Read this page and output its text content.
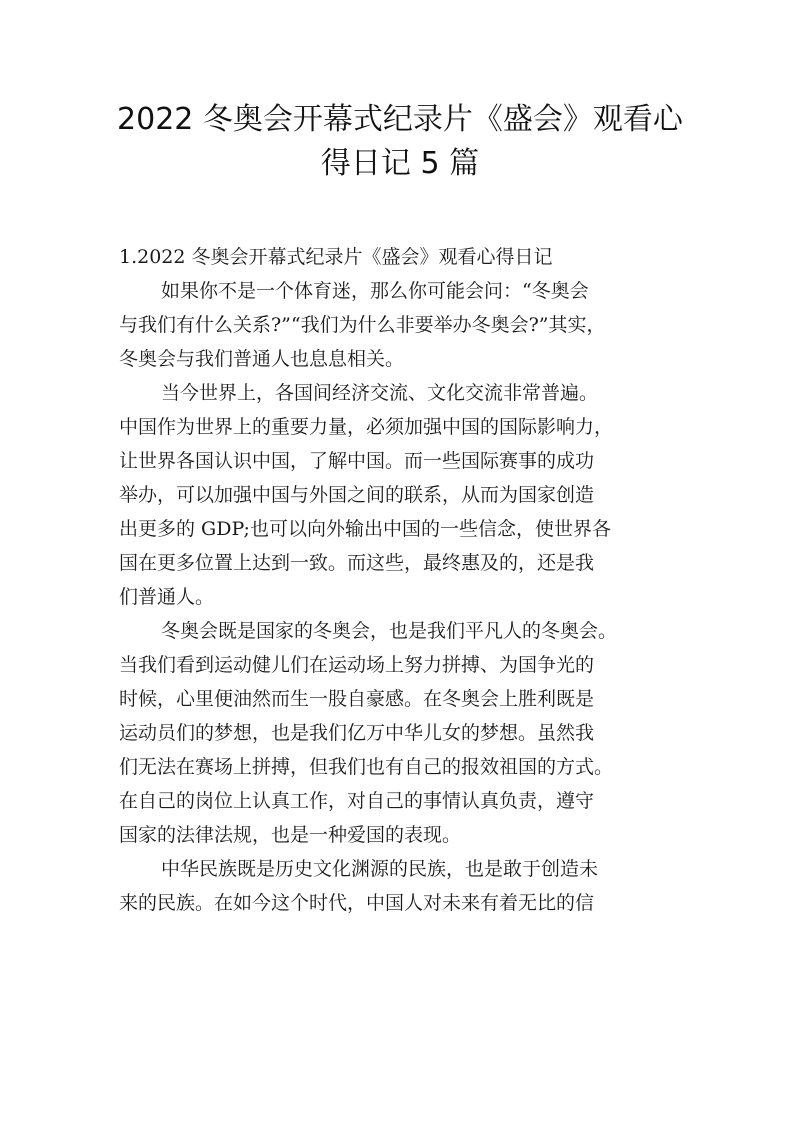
2022 冬奥会开幕式纪录片《盛会》观看心
得日记 5 篇
1.2022 冬奥会开幕式纪录片《盛会》观看心得日记
如果你不是一个体育迷，那么你可能会问：“冬奥会
与我们有什么关系?”“我们为什么非要举办冬奥会?”其实，
冬奥会与我们普通人也息息相关。
当今世界上，各国间经济交流、文化交流非常普遍。
中国作为世界上的重要力量，必须加强中国的国际影响力，
让世界各国认识中国，了解中国。而一些国际赛事的成功
举办，可以加强中国与外国之间的联系，从而为国家创造
出更多的 GDP;也可以向外输出中国的一些信念，使世界各
国在更多位置上达到一致。而这些，最终惠及的，还是我
们普通人。
冬奥会既是国家的冬奥会，也是我们平凡人的冬奥会。
当我们看到运动健儿们在运动场上努力拼搏、为国争光的
时候，心里便油然而生一股自豪感。在冬奥会上胜利既是
运动员们的梦想，也是我们亿万中华儿女的梦想。虽然我
们无法在赛场上拼搏，但我们也有自己的报效祖国的方式。
在自己的岗位上认真工作，对自己的事情认真负责，遵守
国家的法律法规，也是一种爱国的表现。
中华民族既是历史文化渊源的民族，也是敢于创造未
来的民族。在如今这个时代，中国人对未来有着无比的信
